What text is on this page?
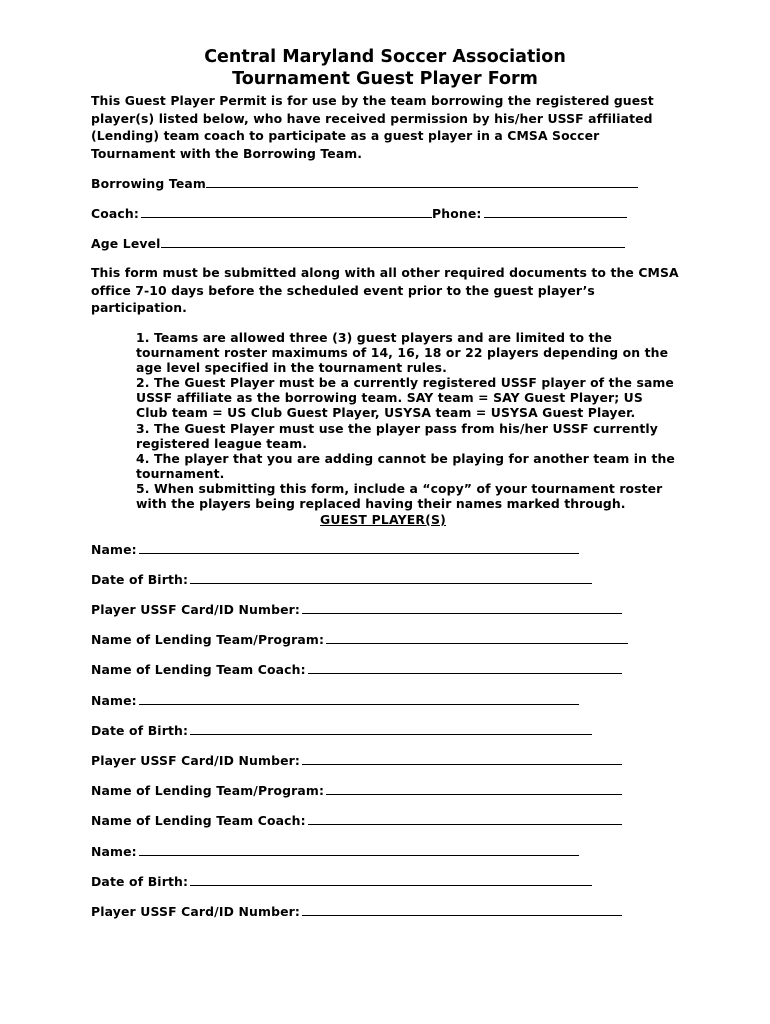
Central Maryland Soccer Association
Tournament Guest Player Form
This Guest Player Permit is for use by the team borrowing the registered guest
player(s) listed below, who have received permission by his/her USSF affiliated
(Lending) team coach to participate as a guest player in a CMSA Soccer
Tournament with the Borrowing Team.
Borrowing Team
Coach:	Phone:
Age Level
This form must be submitted along with all other required documents to the CMSA
office 7-10 days before the scheduled event prior to the guest player’s
participation.
1. Teams are allowed three (3) guest players and are limited to the
tournament roster maximums of 14, 16, 18 or 22 players depending on the
age level specified in the tournament rules.
2. The Guest Player must be a currently registered USSF player of the same
USSF affiliate as the borrowing team. SAY team = SAY Guest Player; US
Club team = US Club Guest Player, USYSA team = USYSA Guest Player.
3. The Guest Player must use the player pass from his/her USSF currently
registered league team.
4. The player that you are adding cannot be playing for another team in the
tournament.
5. When submitting this form, include a “copy” of your tournament roster
with the players being replaced having their names marked through.
GUEST PLAYER(S)
Name:
Date of Birth:
Player USSF Card/ID Number:
Name of Lending Team/Program:
Name of Lending Team Coach:
Name:
Date of Birth:
Player USSF Card/ID Number:
Name of Lending Team/Program:
Name of Lending Team Coach:
Name:
Date of Birth:
Player USSF Card/ID Number:
